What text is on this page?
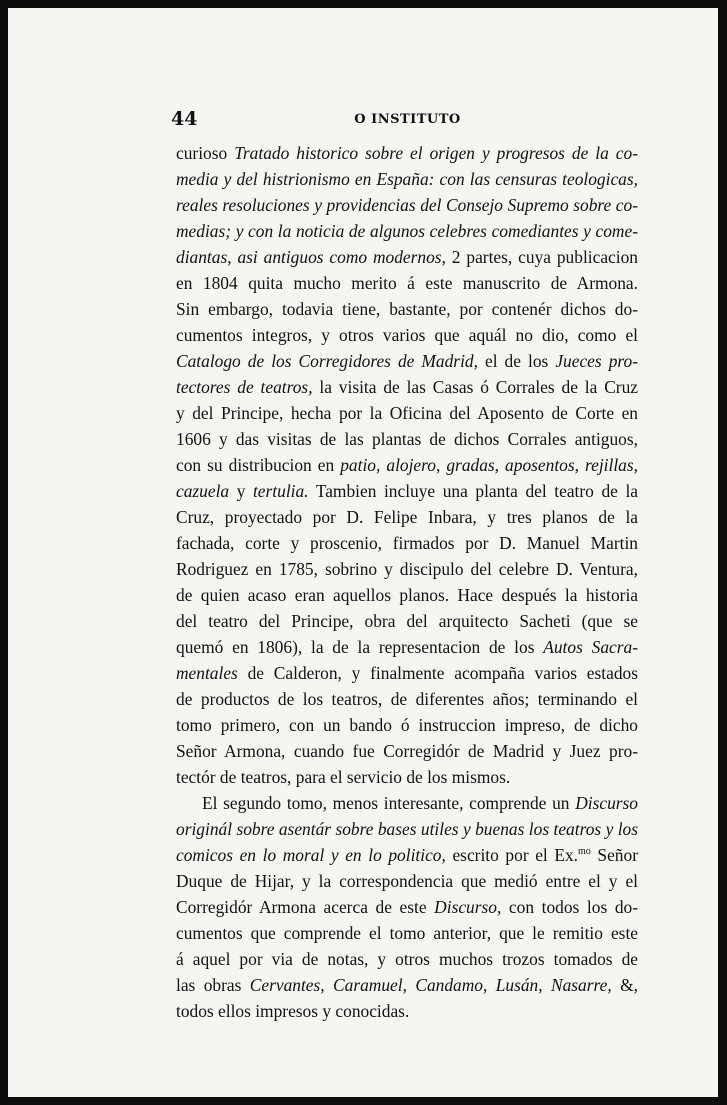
44	O INSTITUTO
curioso Tratado historico sobre el origen y progresos de la co-
media y del histrionismo en España: con las censuras teologicas,
reales resoluciones y providencias del Consejo Supremo sobre co-
medias; y con la noticia de algunos celebres comediantes y come-
diantas, asi antiguos como modernos, 2 partes, cuya publicacion
en 1804 quita mucho merito á este manuscrito de Armona.
Sin embargo, todavia tiene, bastante, por contenér dichos do-
cumentos integros, y otros varios que aquál no dio, como el
Catalogo de los Corregidores de Madrid, el de los Jueces pro-
tectores de teatros, la visita de las Casas ó Corrales de la Cruz
y del Principe, hecha por la Oficina del Aposento de Corte en
1606 y das visitas de las plantas de dichos Corrales antiguos,
con su distribucion en patio, alojero, gradas, aposentos, rejillas,
cazuela y tertulia. Tambien incluye una planta del teatro de la
Cruz, proyectado por D. Felipe Inbara, y tres planos de la
fachada, corte y proscenio, firmados por D. Manuel Martin
Rodriguez en 1785, sobrino y discipulo del celebre D. Ventura,
de quien acaso eran aquellos planos. Hace después la historia
del teatro del Principe, obra del arquitecto Sacheti (que se
quemó en 1806), la de la representacion de los Autos Sacra-
mentales de Calderon, y finalmente acompaña varios estados
de productos de los teatros, de diferentes años; terminando el
tomo primero, con un bando ó instruccion impreso, de dicho
Señor Armona, cuando fue Corregidór de Madrid y Juez pro-
tectór de teatros, para el servicio de los mismos.
El segundo tomo, menos interesante, comprende un Discurso
originál sobre asentár sobre bases utiles y buenas los teatros y los
comicos en lo moral y en lo politico, escrito por el Ex.$^{mo}$ Señor
Duque de Hijar, y la correspondencia que medió entre el y el
Corregidór Armona acerca de este Discurso, con todos los do-
cumentos que comprende el tomo anterior, que le remitio este
á aquel por via de notas, y otros muchos trozos tomados de
las obras Cervantes, Caramuel, Candamo, Lusán, Nasarre, &,
todos ellos impresos y conocidas.
